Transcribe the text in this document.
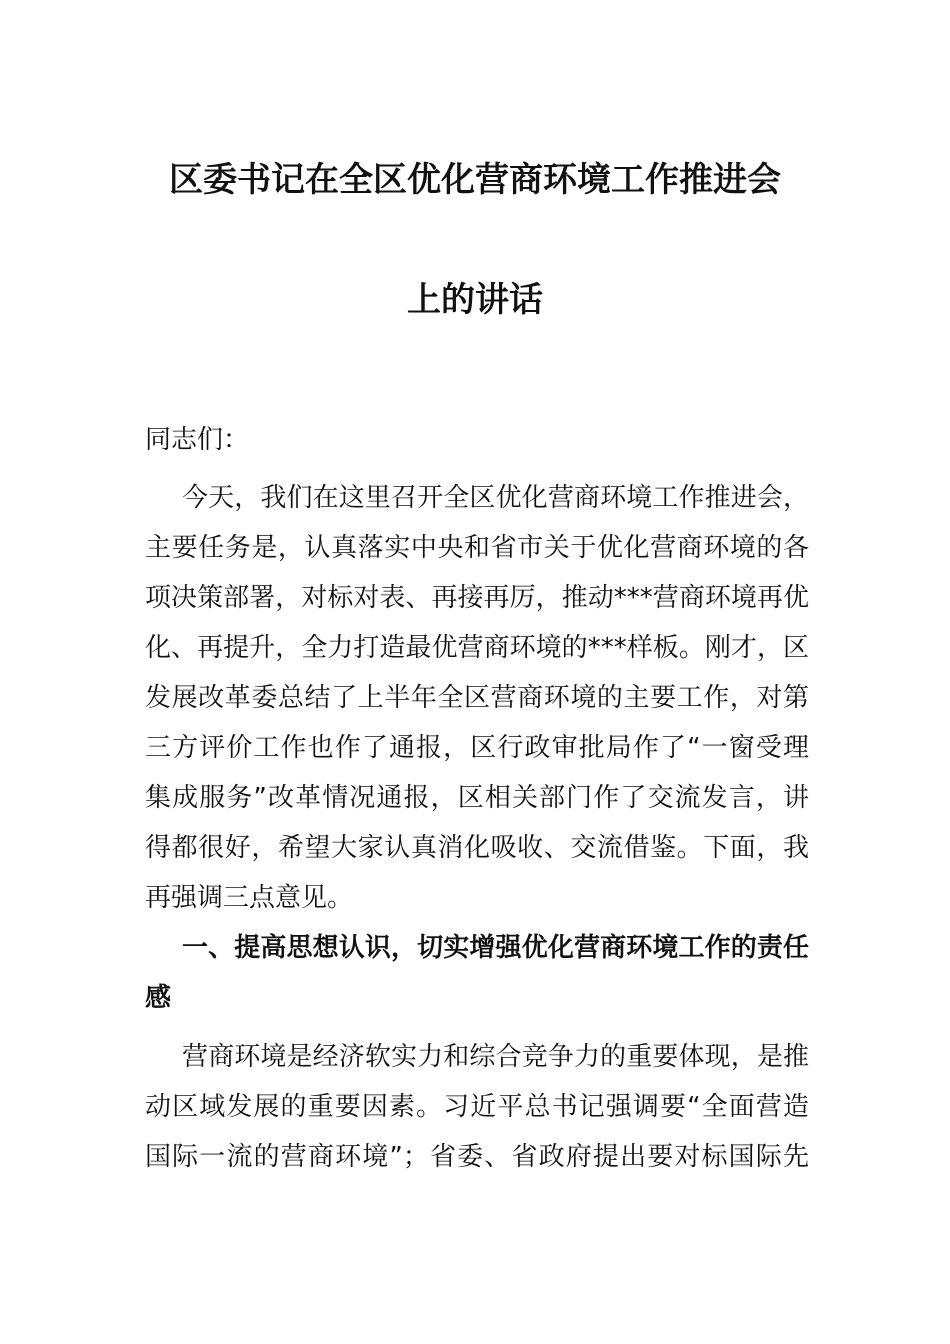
区委书记在全区优化营商环境工作推进会
上的讲话

同志们：

今天，我们在这里召开全区优化营商环境工作推进会，
主要任务是，认真落实中央和省市关于优化营商环境的各
项决策部署，对标对表、再接再厉，推动***营商环境再优
化、再提升，全力打造最优营商环境的***样板。刚才，区
发展改革委总结了上半年全区营商环境的主要工作，对第
三方评价工作也作了通报，区行政审批局作了“一窗受理
集成服务”改革情况通报，区相关部门作了交流发言，讲
得都很好，希望大家认真消化吸收、交流借鉴。下面，我
再强调三点意见。
一、提高思想认识，切实增强优化营商环境工作的责任
感
营商环境是经济软实力和综合竞争力的重要体现，是推
动区域发展的重要因素。习近平总书记强调要“全面营造
国际一流的营商环境”；省委、省政府提出要对标国际先
